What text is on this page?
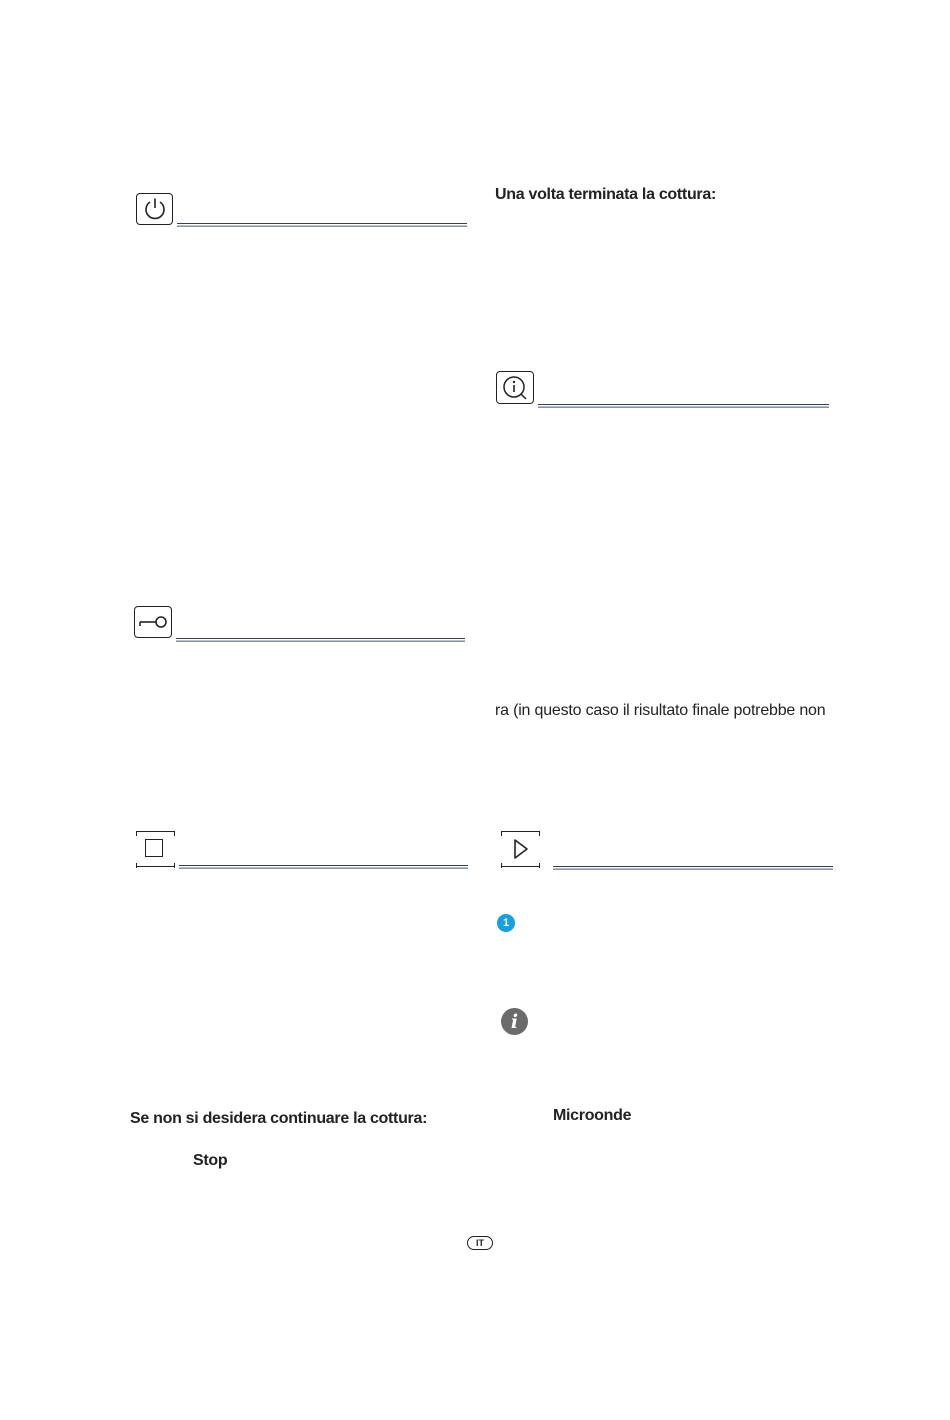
Se non si desidera continuare la cottura:
Stop
Una volta terminata la cottura:
ra (in questo caso il risultato finale potrebbe non
1
i
Microonde
IT
